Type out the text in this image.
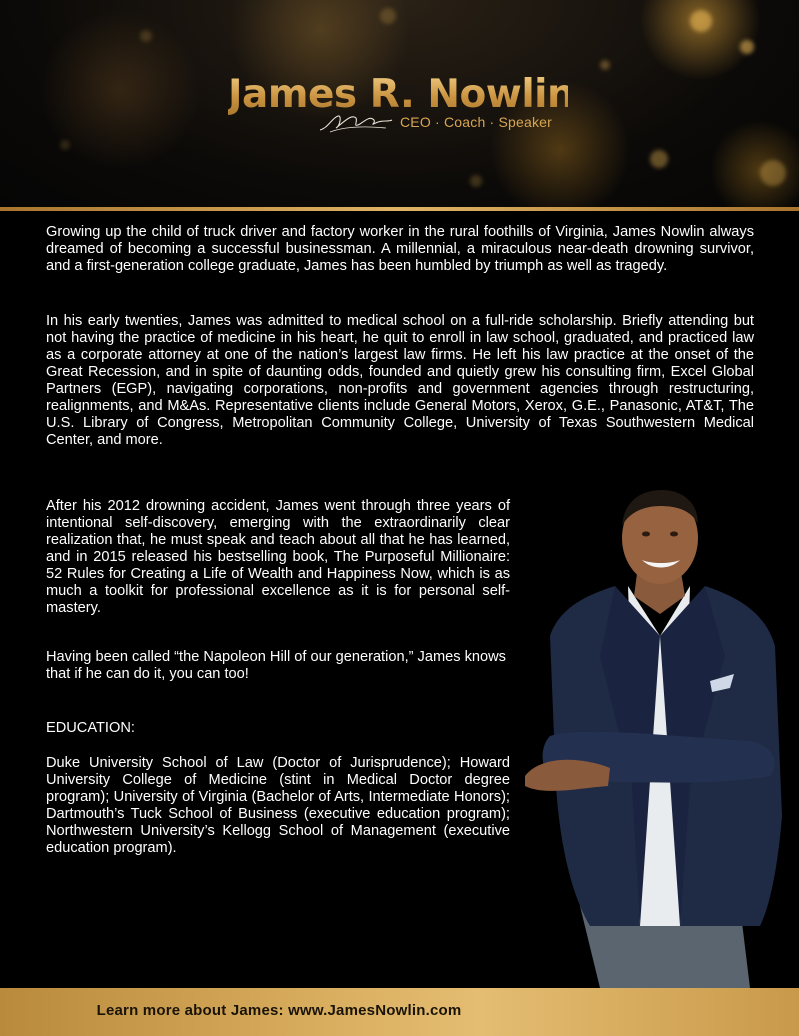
James R. Nowlin
CEO · Coach · Speaker

Growing up the child of truck driver and factory worker in the rural foothills of Virginia, James Nowlin always dreamed of becoming a successful businessman. A millennial, a miraculous near-death drowning survivor, and a first-generation college graduate, James has been humbled by triumph as well as tragedy.

In his early twenties, James was admitted to medical school on a full-ride scholarship. Briefly attending but not having the practice of medicine in his heart, he quit to enroll in law school, graduated, and practiced law as a corporate attorney at one of the nation’s largest law firms. He left his law practice at the onset of the Great Recession, and in spite of daunting odds, founded and quietly grew his consulting firm, Excel Global Partners (EGP), navigating corporations, non-profits and government agencies through restructuring, realignments, and M&As. Representative clients include General Motors, Xerox, G.E., Panasonic, AT&T, The U.S. Library of Congress, Metropolitan Community College, University of Texas Southwestern Medical Center, and more.

After his 2012 drowning accident, James went through three years of intentional self-discovery, emerging with the extraordinarily clear realization that, he must speak and teach about all that he has learned, and in 2015 released his bestselling book, The Purposeful Millionaire: 52 Rules for Creating a Life of Wealth and Happiness Now, which is as much a toolkit for professional excellence as it is for personal self-mastery.

Having been called “the Napoleon Hill of our generation,” James knows that if he can do it, you can too!

EDUCATION:

Duke University School of Law (Doctor of Jurisprudence); Howard University College of Medicine (stint in Medical Doctor degree program); University of Virginia (Bachelor of Arts, Intermediate Honors); Dartmouth’s Tuck School of Business (executive education program); Northwestern University’s Kellogg School of Management (executive education program).

Learn more about James: www.JamesNowlin.com
